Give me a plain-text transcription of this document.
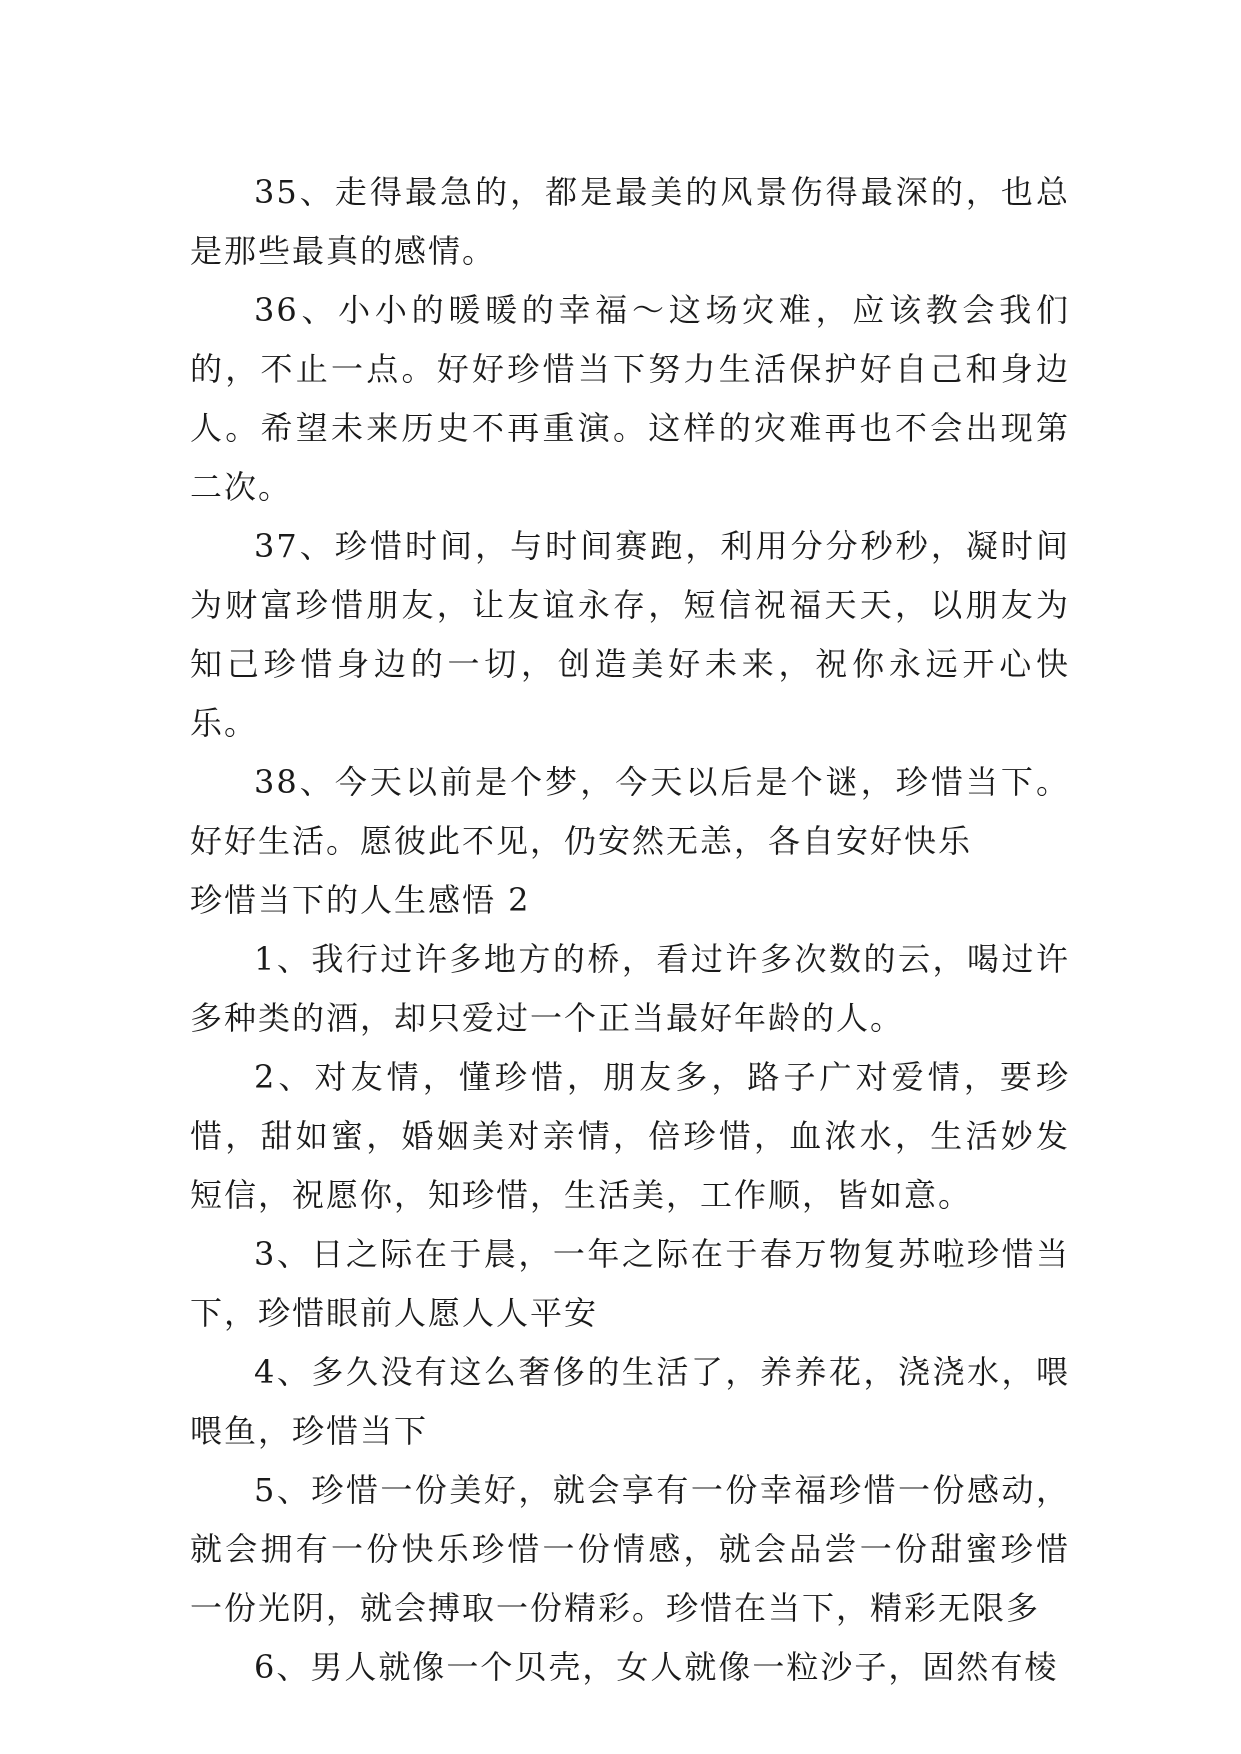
35、走得最急的，都是最美的风景伤得最深的，也总是那些最真的感情。

36、小小的暖暖的幸福～这场灾难，应该教会我们的，不止一点。好好珍惜当下努力生活保护好自己和身边人。希望未来历史不再重演。这样的灾难再也不会出现第二次。

37、珍惜时间，与时间赛跑，利用分分秒秒，凝时间为财富珍惜朋友，让友谊永存，短信祝福天天，以朋友为知己珍惜身边的一切，创造美好未来，祝你永远开心快乐。

38、今天以前是个梦，今天以后是个谜，珍惜当下。好好生活。愿彼此不见，仍安然无恙，各自安好快乐

珍惜当下的人生感悟 2

1、我行过许多地方的桥，看过许多次数的云，喝过许多种类的酒，却只爱过一个正当最好年龄的人。

2、对友情，懂珍惜，朋友多，路子广对爱情，要珍惜，甜如蜜，婚姻美对亲情，倍珍惜，血浓水，生活妙发短信，祝愿你，知珍惜，生活美，工作顺，皆如意。

3、日之际在于晨，一年之际在于春万物复苏啦珍惜当下，珍惜眼前人愿人人平安

4、多久没有这么奢侈的生活了，养养花，浇浇水，喂喂鱼，珍惜当下

5、珍惜一份美好，就会享有一份幸福珍惜一份感动，就会拥有一份快乐珍惜一份情感，就会品尝一份甜蜜珍惜一份光阴，就会搏取一份精彩。珍惜在当下，精彩无限多

6、男人就像一个贝壳，女人就像一粒沙子，固然有棱
